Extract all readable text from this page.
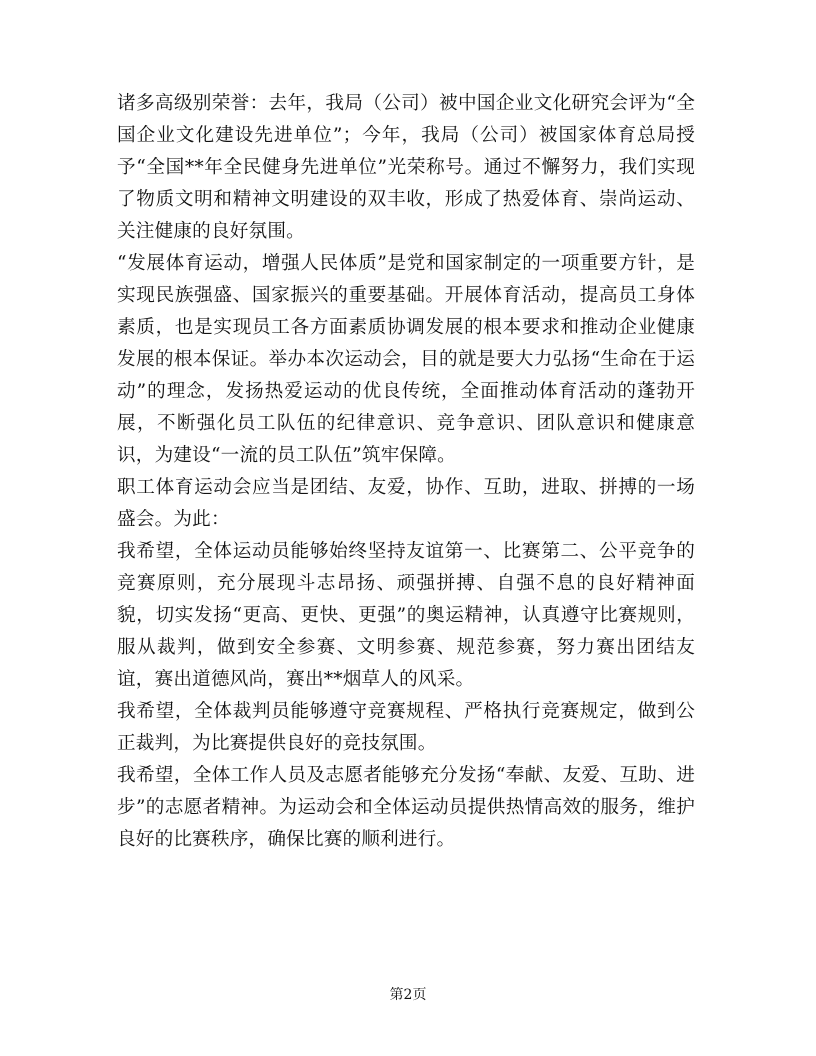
诸多高级别荣誉：去年，我局（公司）被中国企业文化研究会评为“全国企业文化建设先进单位”；今年，我局（公司）被国家体育总局授予“全国**年全民健身先进单位”光荣称号。通过不懈努力，我们实现了物质文明和精神文明建设的双丰收，形成了热爱体育、崇尚运动、关注健康的良好氛围。

“发展体育运动，增强人民体质”是党和国家制定的一项重要方针，是实现民族强盛、国家振兴的重要基础。开展体育活动，提高员工身体素质，也是实现员工各方面素质协调发展的根本要求和推动企业健康发展的根本保证。举办本次运动会，目的就是要大力弘扬“生命在于运动”的理念，发扬热爱运动的优良传统，全面推动体育活动的蓬勃开展，不断强化员工队伍的纪律意识、竞争意识、团队意识和健康意识，为建设“一流的员工队伍”筑牢保障。

职工体育运动会应当是团结、友爱，协作、互助，进取、拼搏的一场盛会。为此：

我希望，全体运动员能够始终坚持友谊第一、比赛第二、公平竞争的竞赛原则，充分展现斗志昂扬、顽强拼搏、自强不息的良好精神面貌，切实发扬“更高、更快、更强”的奥运精神，认真遵守比赛规则，服从裁判，做到安全参赛、文明参赛、规范参赛，努力赛出团结友谊，赛出道德风尚，赛出**烟草人的风采。

我希望，全体裁判员能够遵守竞赛规程、严格执行竞赛规定，做到公正裁判，为比赛提供良好的竞技氛围。

我希望，全体工作人员及志愿者能够充分发扬“奉献、友爱、互助、进步”的志愿者精神。为运动会和全体运动员提供热情高效的服务，维护良好的比赛秩序，确保比赛的顺利进行。

第2页
